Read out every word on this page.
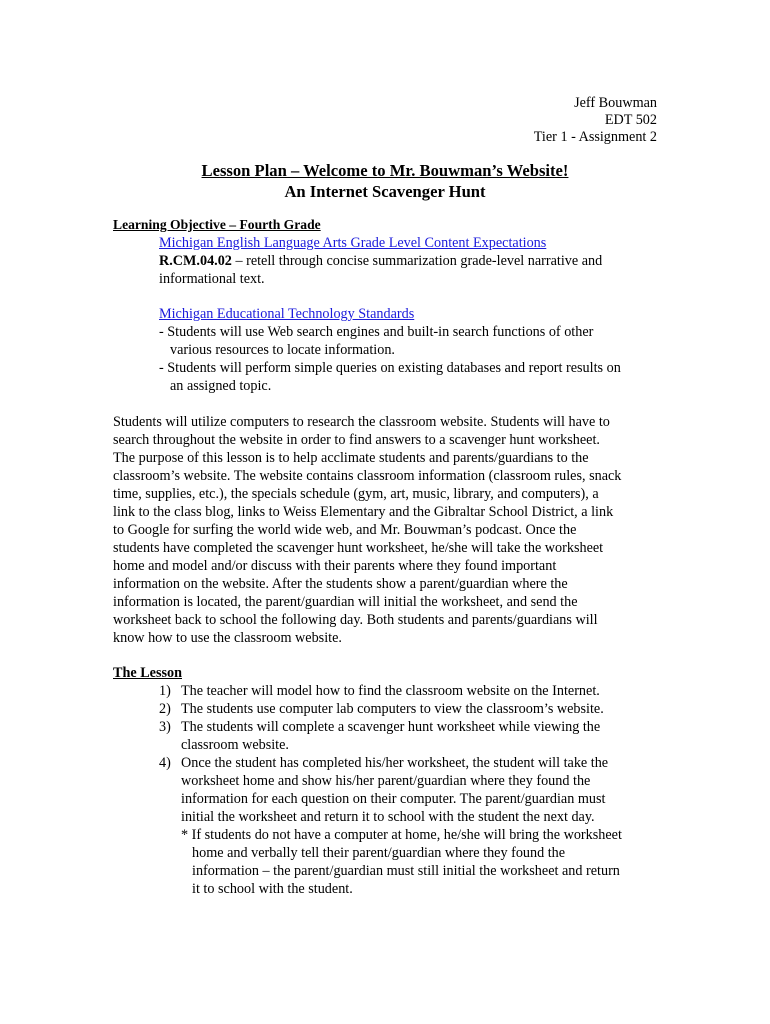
Jeff Bouwman

EDT 502

Tier 1 - Assignment 2

Lesson Plan – Welcome to Mr. Bouwman’s Website!

An Internet Scavenger Hunt

Learning Objective – Fourth Grade

Michigan English Language Arts Grade Level Content Expectations

R.CM.04.02 – retell through concise summarization grade-level narrative and

informational text.

Michigan Educational Technology Standards

- Students will use Web search engines and built-in search functions of other

various resources to locate information.

- Students will perform simple queries on existing databases and report results on

an assigned topic.

Students will utilize computers to research the classroom website. Students will have to

search throughout the website in order to find answers to a scavenger hunt worksheet.

The purpose of this lesson is to help acclimate students and parents/guardians to the

classroom’s website. The website contains classroom information (classroom rules, snack

time, supplies, etc.), the specials schedule (gym, art, music, library, and computers), a

link to the class blog, links to Weiss Elementary and the Gibraltar School District, a link

to Google for surfing the world wide web, and Mr. Bouwman’s podcast. Once the

students have completed the scavenger hunt worksheet, he/she will take the worksheet

home and model and/or discuss with their parents where they found important

information on the website. After the students show a parent/guardian where the

information is located, the parent/guardian will initial the worksheet, and send the

worksheet back to school the following day. Both students and parents/guardians will

know how to use the classroom website.

The Lesson

1) The teacher will model how to find the classroom website on the Internet.

2) The students use computer lab computers to view the classroom’s website.

3) The students will complete a scavenger hunt worksheet while viewing the

classroom website.

4) Once the student has completed his/her worksheet, the student will take the

worksheet home and show his/her parent/guardian where they found the

information for each question on their computer. The parent/guardian must

initial the worksheet and return it to school with the student the next day.

* If students do not have a computer at home, he/she will bring the worksheet

home and verbally tell their parent/guardian where they found the

information – the parent/guardian must still initial the worksheet and return

it to school with the student.
